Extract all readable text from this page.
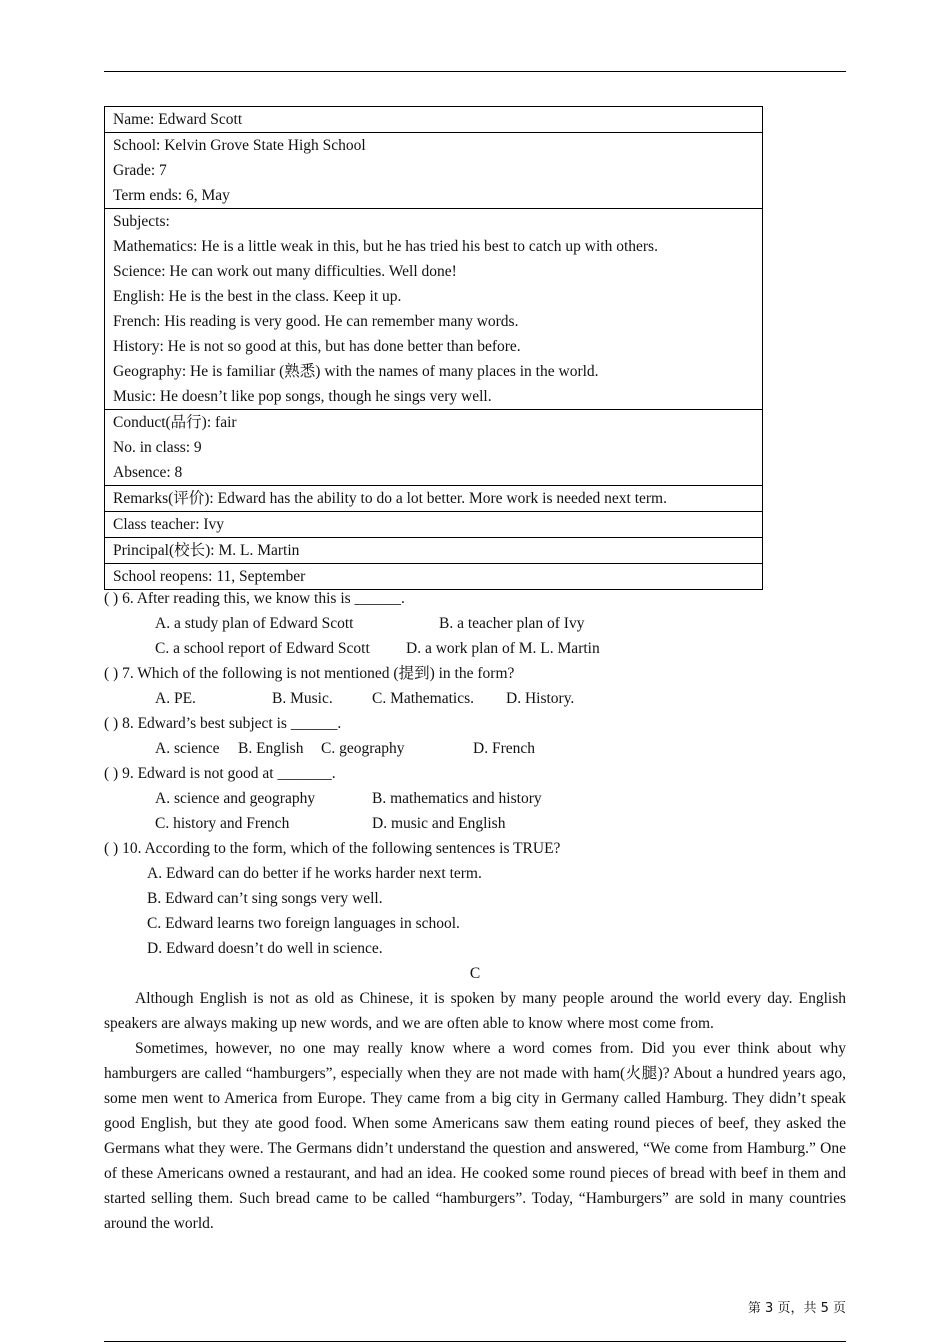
Name: Edward Scott
School: Kelvin Grove State High School
Grade: 7
Term ends: 6, May
Subjects:
Mathematics: He is a little weak in this, but he has tried his best to catch up with others.
Science: He can work out many difficulties. Well done!
English: He is the best in the class. Keep it up.
French: His reading is very good. He can remember many words.
History: He is not so good at this, but has done better than before.
Geography: He is familiar (熟悉) with the names of many places in the world.
Music: He doesn’t like pop songs, though he sings very well.
Conduct(品行): fair
No. in class: 9
Absence: 8
Remarks(评价): Edward has the ability to do a lot better. More work is needed next term.
Class teacher: Ivy
Principal(校长): M. L. Martin
School reopens: 11, September
( ) 6. After reading this, we know this is ______.
A. a study plan of Edward Scott	B. a teacher plan of Ivy
C. a school report of Edward Scott D. a work plan of M. L. Martin
( ) 7. Which of the following is not mentioned (提到) in the form?
A. PE.	B. Music.	C. Mathematics. D. History.
( ) 8. Edward’s best subject is ______.
A. science B. English C. geography	D. French
( ) 9. Edward is not good at _______.
A. science and geography	B. mathematics and history
C. history and French	D. music and English
( ) 10. According to the form, which of the following sentences is TRUE?
A. Edward can do better if he works harder next term.
B. Edward can’t sing songs very well.
C. Edward learns two foreign languages in school.
D. Edward doesn’t do well in science.
C

Although English is not as old as Chinese, it is spoken by many people around the world every day. English speakers are always making up new words, and we are often able to know where most come from.

Sometimes, however, no one may really know where a word comes from. Did you ever think about why hamburgers are called “hamburgers”, especially when they are not made with ham(火腿)? About a hundred years ago, some men went to America from Europe. They came from a big city in Germany called Hamburg. They didn’t speak good English, but they ate good food. When some Americans saw them eating round pieces of beef, they asked the Germans what they were. The Germans didn’t understand the question and answered, “We come from Hamburg.” One of these Americans owned a restaurant, and had an idea. He cooked some round pieces of bread with beef in them and started selling them. Such bread came to be called “hamburgers”. Today, “Hamburgers” are sold in many countries around the world.

第 3 页，共 5 页
